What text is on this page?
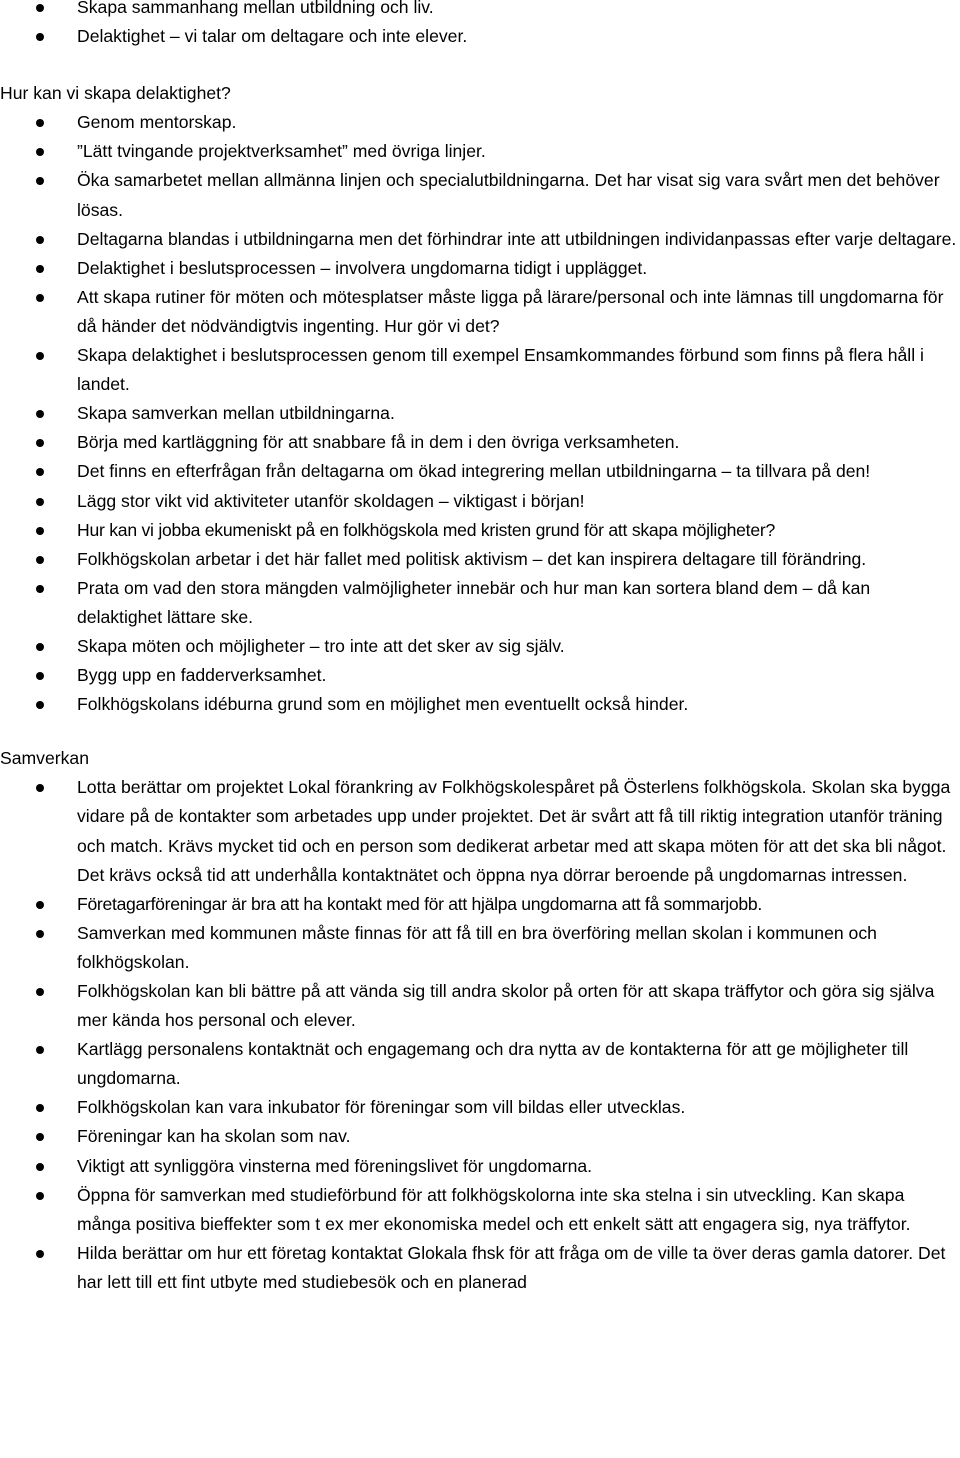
Skapa sammanhang mellan utbildning och liv.
Delaktighet – vi talar om deltagare och inte elever.
Hur kan vi skapa delaktighet?
Genom mentorskap.
”Lätt tvingande projektverksamhet” med övriga linjer.
Öka samarbetet mellan allmänna linjen och specialutbildningarna. Det har visat sig vara svårt men det behöver lösas.
Deltagarna blandas i utbildningarna men det förhindrar inte att utbildningen individanpassas efter varje deltagare.
Delaktighet i beslutsprocessen – involvera ungdomarna tidigt i upplägget.
Att skapa rutiner för möten och mötesplatser måste ligga på lärare/personal och inte lämnas till ungdomarna för då händer det nödvändigtvis ingenting. Hur gör vi det?
Skapa delaktighet i beslutsprocessen genom till exempel Ensamkommandes förbund som finns på flera håll i landet.
Skapa samverkan mellan utbildningarna.
Börja med kartläggning för att snabbare få in dem i den övriga verksamheten.
Det finns en efterfrågan från deltagarna om ökad integrering mellan utbildningarna – ta tillvara på den!
Lägg stor vikt vid aktiviteter utanför skoldagen – viktigast i början!
Hur kan vi jobba ekumeniskt på en folkhögskola med kristen grund för att skapa möjligheter?
Folkhögskolan arbetar i det här fallet med politisk aktivism – det kan inspirera deltagare till förändring.
Prata om vad den stora mängden valmöjligheter innebär och hur man kan sortera bland dem – då kan delaktighet lättare ske.
Skapa möten och möjligheter – tro inte att det sker av sig själv.
Bygg upp en fadderverksamhet.
Folkhögskolans idéburna grund som en möjlighet men eventuellt också hinder.
Samverkan
Lotta berättar om projektet Lokal förankring av Folkhögskolespåret på Österlens folkhögskola. Skolan ska bygga vidare på de kontakter som arbetades upp under projektet. Det är svårt att få till riktig integration utanför träning och match. Krävs mycket tid och en person som dedikerat arbetar med att skapa möten för att det ska bli något. Det krävs också tid att underhålla kontaktnätet och öppna nya dörrar beroende på ungdomarnas intressen.
Företagarföreningar är bra att ha kontakt med för att hjälpa ungdomarna att få sommarjobb.
Samverkan med kommunen måste finnas för att få till en bra överföring mellan skolan i kommunen och folkhögskolan.
Folkhögskolan kan bli bättre på att vända sig till andra skolor på orten för att skapa träffytor och göra sig själva mer kända hos personal och elever.
Kartlägg personalens kontaktnät och engagemang och dra nytta av de kontakterna för att ge möjligheter till ungdomarna.
Folkhögskolan kan vara inkubator för föreningar som vill bildas eller utvecklas.
Föreningar kan ha skolan som nav.
Viktigt att synliggöra vinsterna med föreningslivet för ungdomarna.
Öppna för samverkan med studieförbund för att folkhögskolorna inte ska stelna i sin utveckling. Kan skapa många positiva bieffekter som t ex mer ekonomiska medel och ett enkelt sätt att engagera sig, nya träffytor.
Hilda berättar om hur ett företag kontaktat Glokala fhsk för att fråga om de ville ta över deras gamla datorer. Det har lett till ett fint utbyte med studiebesök och en planerad
